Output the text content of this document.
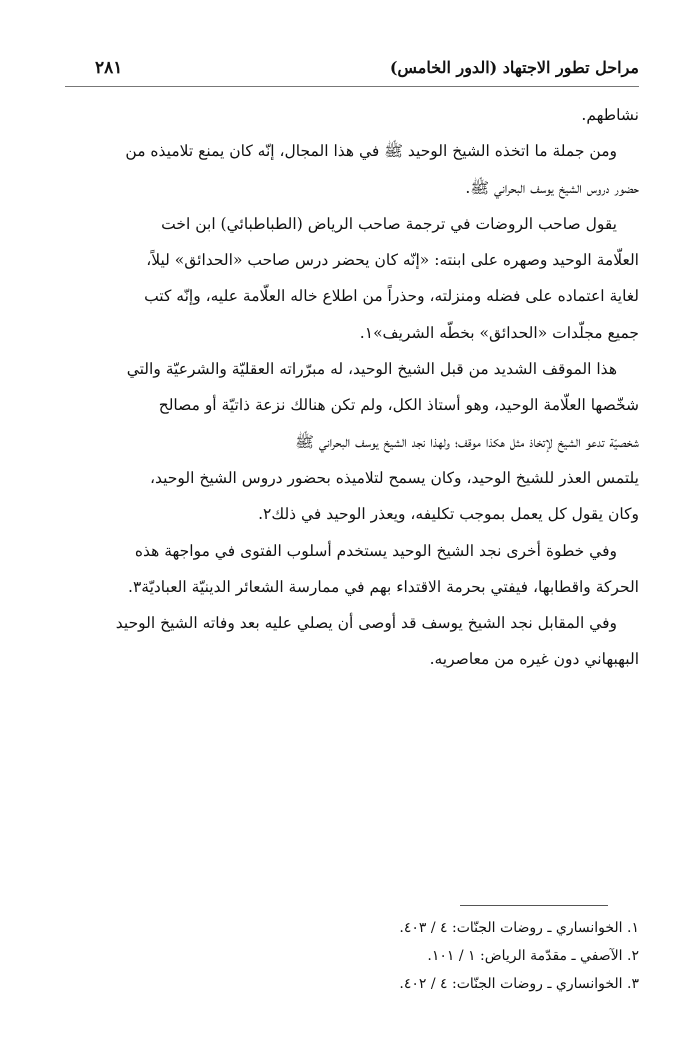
مراحل تطور الاجتهاد (الدور الخامس)
٢٨١

نشاطهم.

ومن جملة ما اتخذه الشيخ الوحيد ﷺ في هذا المجال، إنّه كان يمنع تلاميذه من

حضور دروس الشيخ يوسف البحراني ﷺ.

يقول صاحب الروضات في ترجمة صاحب الرياض (الطباطبائي) ابن اخت

العلّامة الوحيد وصهره على ابنته: «إنّه كان يحضر درس صاحب «الحدائق» ليلاً،

لغاية اعتماده على فضله ومنزلته، وحذراً من اطلاع خاله العلّامة عليه، وإنّه كتب

جميع مجلّدات «الحدائق» بخطّه الشريف»١.

هذا الموقف الشديد من قبل الشيخ الوحيد، له مبرّراته العقليّة والشرعيّة والتي

شخّصها العلّامة الوحيد، وهو أستاذ الكل، ولم تكن هنالك نزعة ذاتيّة أو مصالح

شخصيّة تدعو الشيخ لإتخاذ مثل هكذا موقف؛ ولهذا نجد الشيخ يوسف البحراني ﷺ

يلتمس العذر للشيخ الوحيد، وكان يسمح لتلاميذه بحضور دروس الشيخ الوحيد،

وكان يقول كل يعمل بموجب تكليفه، ويعذر الوحيد في ذلك٢.

وفي خطوة أخرى نجد الشيخ الوحيد يستخدم أسلوب الفتوى في مواجهة هذه

الحركة واقطابها، فيفتي بحرمة الاقتداء بهم في ممارسة الشعائر الدينيّة العباديّة٣.

وفي المقابل نجد الشيخ يوسف قد أوصى أن يصلي عليه بعد وفاته الشيخ الوحيد

البهبهاني دون غيره من معاصريه.

١. الخوانساري ـ روضات الجنّات: ٤ / ٤٠٣.
٢. الآصفي ـ مقدّمة الرياض: ١ / ١٠١.
٣. الخوانساري ـ روضات الجنّات: ٤ / ٤٠٢.
